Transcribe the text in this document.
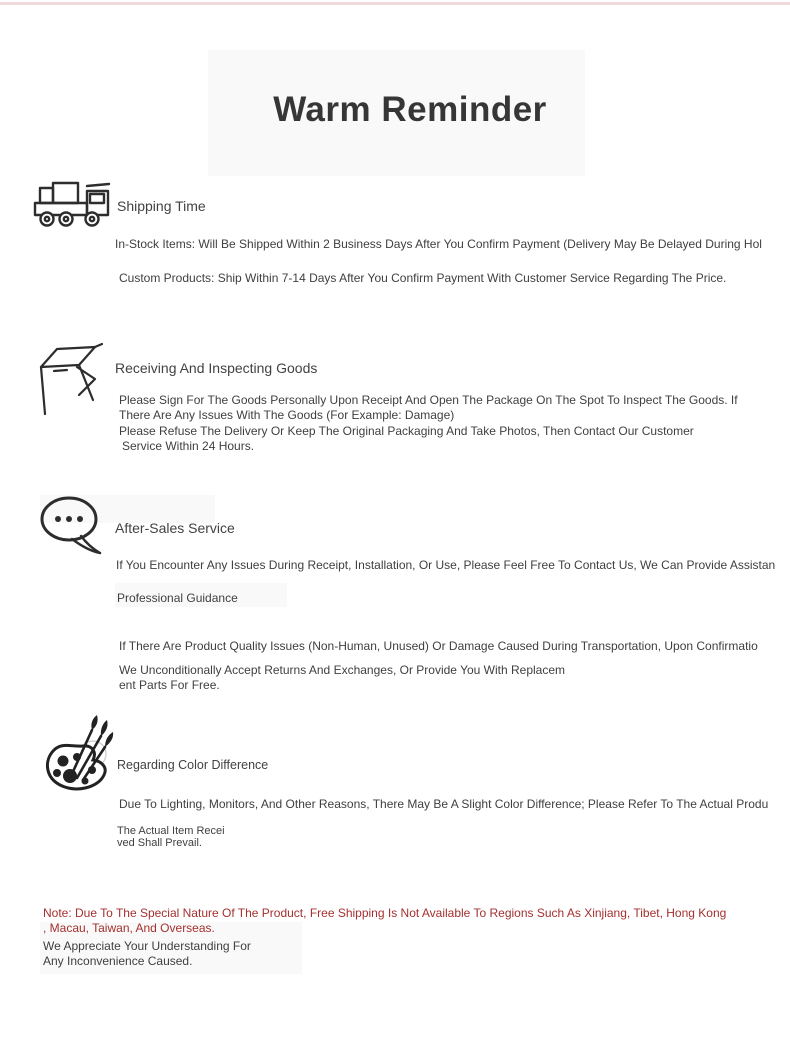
Warm Reminder
Shipping Time
In-Stock Items: Will Be Shipped Within 2 Business Days After You Confirm Payment (Delivery May Be Delayed During Hol
Custom Products: Ship Within 7-14 Days After You Confirm Payment With Customer Service Regarding The Price.
Receiving And Inspecting Goods
Please Sign For The Goods Personally Upon Receipt And Open The Package On The Spot To Inspect The Goods. If
There Are Any Issues With The Goods (For Example: Damage)
Please Refuse The Delivery Or Keep The Original Packaging And Take Photos, Then Contact Our Customer
Service Within 24 Hours.
After-Sales Service
If You Encounter Any Issues During Receipt, Installation, Or Use, Please Feel Free To Contact Us, We Can Provide Assistan
Professional Guidance
If There Are Product Quality Issues (Non-Human, Unused) Or Damage Caused During Transportation, Upon Confirmatio
We Unconditionally Accept Returns And Exchanges, Or Provide You With Replacem
ent Parts For Free.
Regarding Color Difference
Due To Lighting, Monitors, And Other Reasons, There May Be A Slight Color Difference; Please Refer To The Actual Produ
The Actual Item Recei
ved Shall Prevail.
Note: Due To The Special Nature Of The Product, Free Shipping Is Not Available To Regions Such As Xinjiang, Tibet, Hong Kong
, Macau, Taiwan, And Overseas.
We Appreciate Your Understanding For
Any Inconvenience Caused.
